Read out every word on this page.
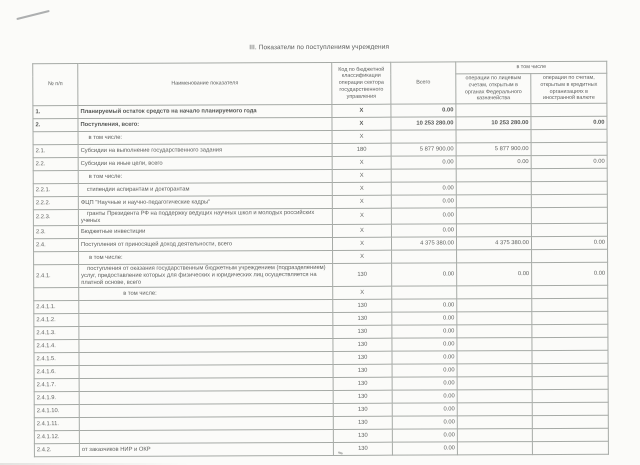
III. Показатели по поступлениям учреждения
№ п/п	Наименование показателя	Код по бюджетной классификации операции сектора государственного управления	Всего	в том числе	
				операции по лицевым счетам, открытым в органах Федерального казначейства	операции по счетам, открытым в кредитных организациях в иностранной валюте
1.	Планируемый остаток средств на начало планируемого года	X	0.00		
2.	Поступления, всего:	X	10 253 280.00	10 253 280.00	0.00
	в том числе:	X			
2.1.	Субсидии на выполнение государственного задания	180	5 877 900.00	5 877 900.00	
2.2.	Субсидии на иные цели, всего	X	0.00	0.00	0.00
	в том числе:	X			
2.2.1.	стипендии аспирантам и докторантам	X	0.00		
2.2.2.	ФЦП "Научные и научно-педагогические кадры"	X	0.00		
2.2.3.	гранты Президента РФ на поддержку ведущих научных школ и молодых российских ученых	X	0.00		
2.3.	Бюджетные инвестиции	X	0.00		
2.4.	Поступления от приносящей доход деятельности, всего	X	4 375 380.00	4 375 380.00	0.00
	в том числе:	X			
2.4.1.	поступления от оказания государственным бюджетным учреждением (подразделением) услуг, предоставление которых для физических и юридических лиц осуществляется на платной основе, всего	130	0.00	0.00	0.00
	в том числе:	X			
2.4.1.1.		130	0.00		
2.4.1.2.		130	0.00		
2.4.1.3.		130	0.00		
2.4.1.4.		130	0.00		
2.4.1.5.		130	0.00		
2.4.1.6.		130	0.00		
2.4.1.7.		130	0.00		
2.4.1.9.		130	0.00		
2.4.1.10.		130	0.00		
2.4.1.11.		130	0.00		
2.4.1.12.		130	0.00		
2.4.2.	от заказчиков НИР и ОКР	130	0.00		
